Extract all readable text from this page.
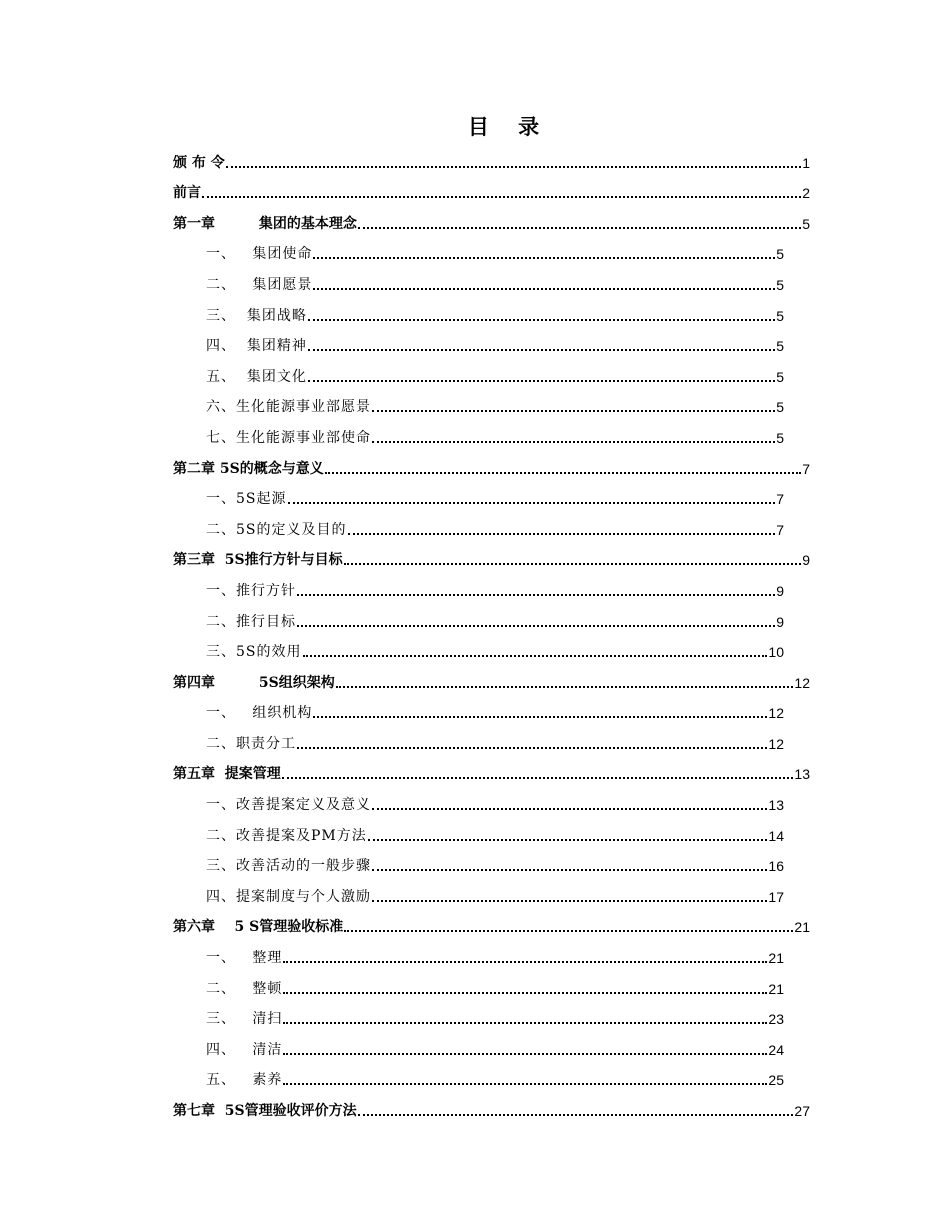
目    录
颁 布 令	1
前言	2
第一章         集团的基本理念	5
一、   集团使命	5
二、   集团愿景	5
三、  集团战略	5
四、  集团精神	5
五、  集团文化	5
六、生化能源事业部愿景	5
七、生化能源事业部使命	5
第二章 5S的概念与意义	7
一、5S起源	7
二、5S的定义及目的	7
第三章  5S推行方针与目标	9
一、推行方针	9
二、推行目标	9
三、5S的效用	10
第四章         5S组织架构	12
一、   组织机构	12
二、职责分工	12
第五章  提案管理	13
一、改善提案定义及意义	13
二、改善提案及PM方法	14
三、改善活动的一般步骤	16
四、提案制度与个人激励	17
第六章    5 S管理验收标准	21
一、   整理	21
二、   整顿	21
三、   清扫	23
四、   清洁	24
五、   素养	25
第七章  5S管理验收评价方法	27
